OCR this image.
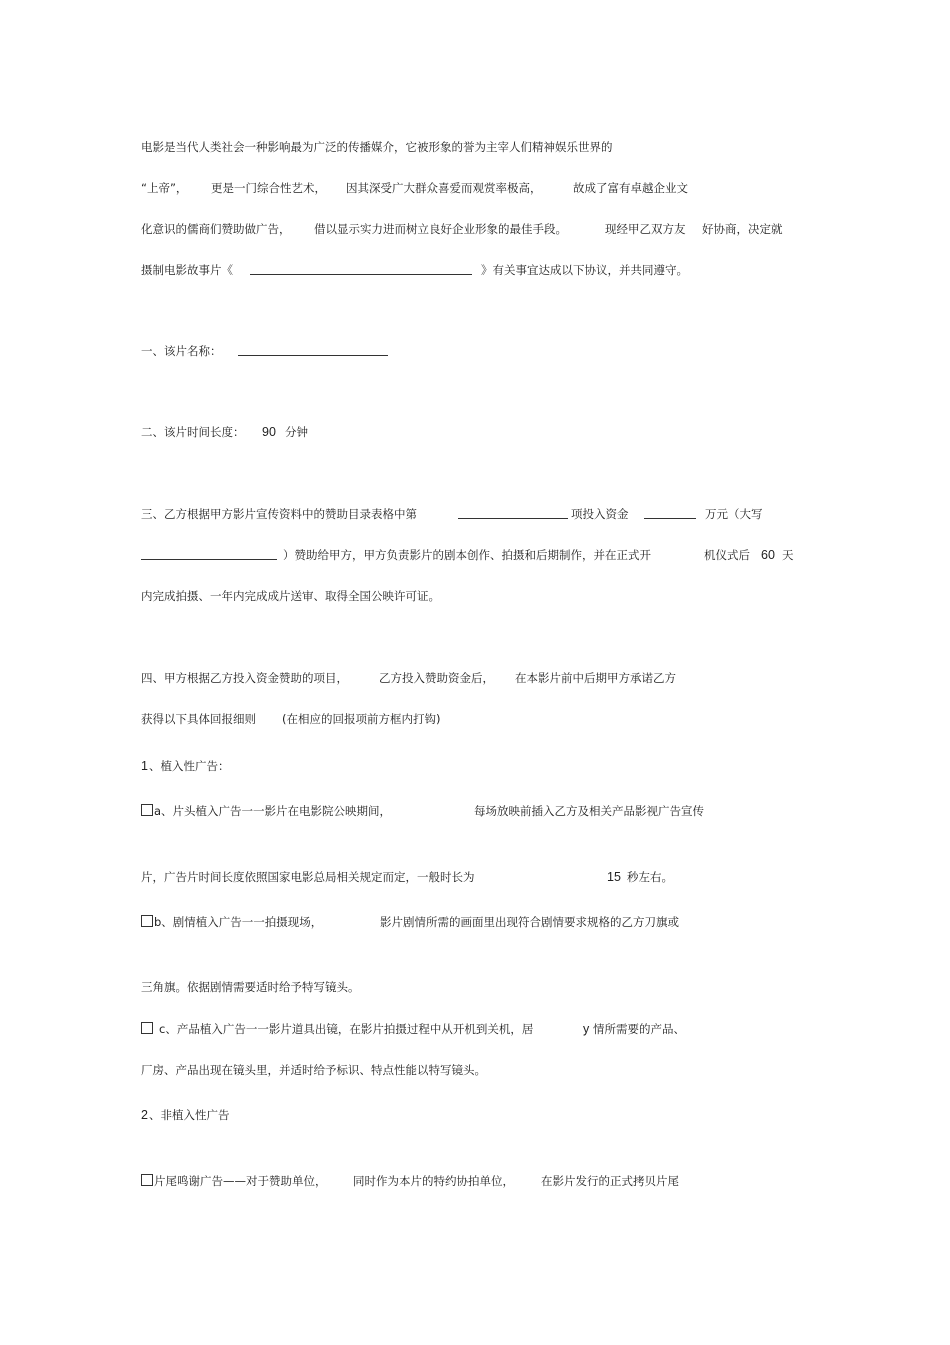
电影是当代人类社会一种影响最为广泛的传播媒介，它被形象的誉为主宰人们精神娱乐世界的

“上帝”，

更是一门综合性艺术，

因其深受广大群众喜爱而观赏率极高，

	故成了富有卓越企业文

化意识的儒商们赞助做广告，

借以显示实力进而树立良好企业形象的最佳手段。

	现经甲乙双方友

好协商，决定就

摄制电影故事片《

	》有关事宜达成以下协议，并共同遵守。

一、该片名称：

二、该片时间长度：

90

分钟

三、乙方根据甲方影片宣传资料中的赞助目录表格中第

	项投入资金

	万元（大写

）赞助给甲方，甲方负责影片的剧本创作、拍摄和后期制作，并在正式开

	机仪式后

60

天

内完成拍摄、一年内完成成片送审、取得全国公映许可证。

四、甲方根据乙方投入资金赞助的项目，

	乙方投入赞助资金后，

在本影片前中后期甲方承诺乙方

获得以下具体回报细则

(在相应的回报项前方框内打钩)

1

、植入性广告：

a、片头植入广告一一影片在电影院公映期间，

	每场放映前插入乙方及相关产品影视广告宣传

片，广告片时间长度依照国家电影总局相关规定而定，一般时长为

	15

秒左右。

b、剧情植入广告一一拍摄现场，

	影片剧情所需的画面里出现符合剧情要求规格的乙方刀旗或

三角旗。依据剧情需要适时给予特写镜头。

c、产品植入广告一一影片道具出镜，在影片拍摄过程中从开机到关机，居

	y

情所需要的产品、

厂房、产品出现在镜头里，并适时给予标识、特点性能以特写镜头。

2

、非植入性广告

片尾鸣谢广告——对于赞助单位，

同时作为本片的特约协拍单位，

在影片发行的正式拷贝片尾
